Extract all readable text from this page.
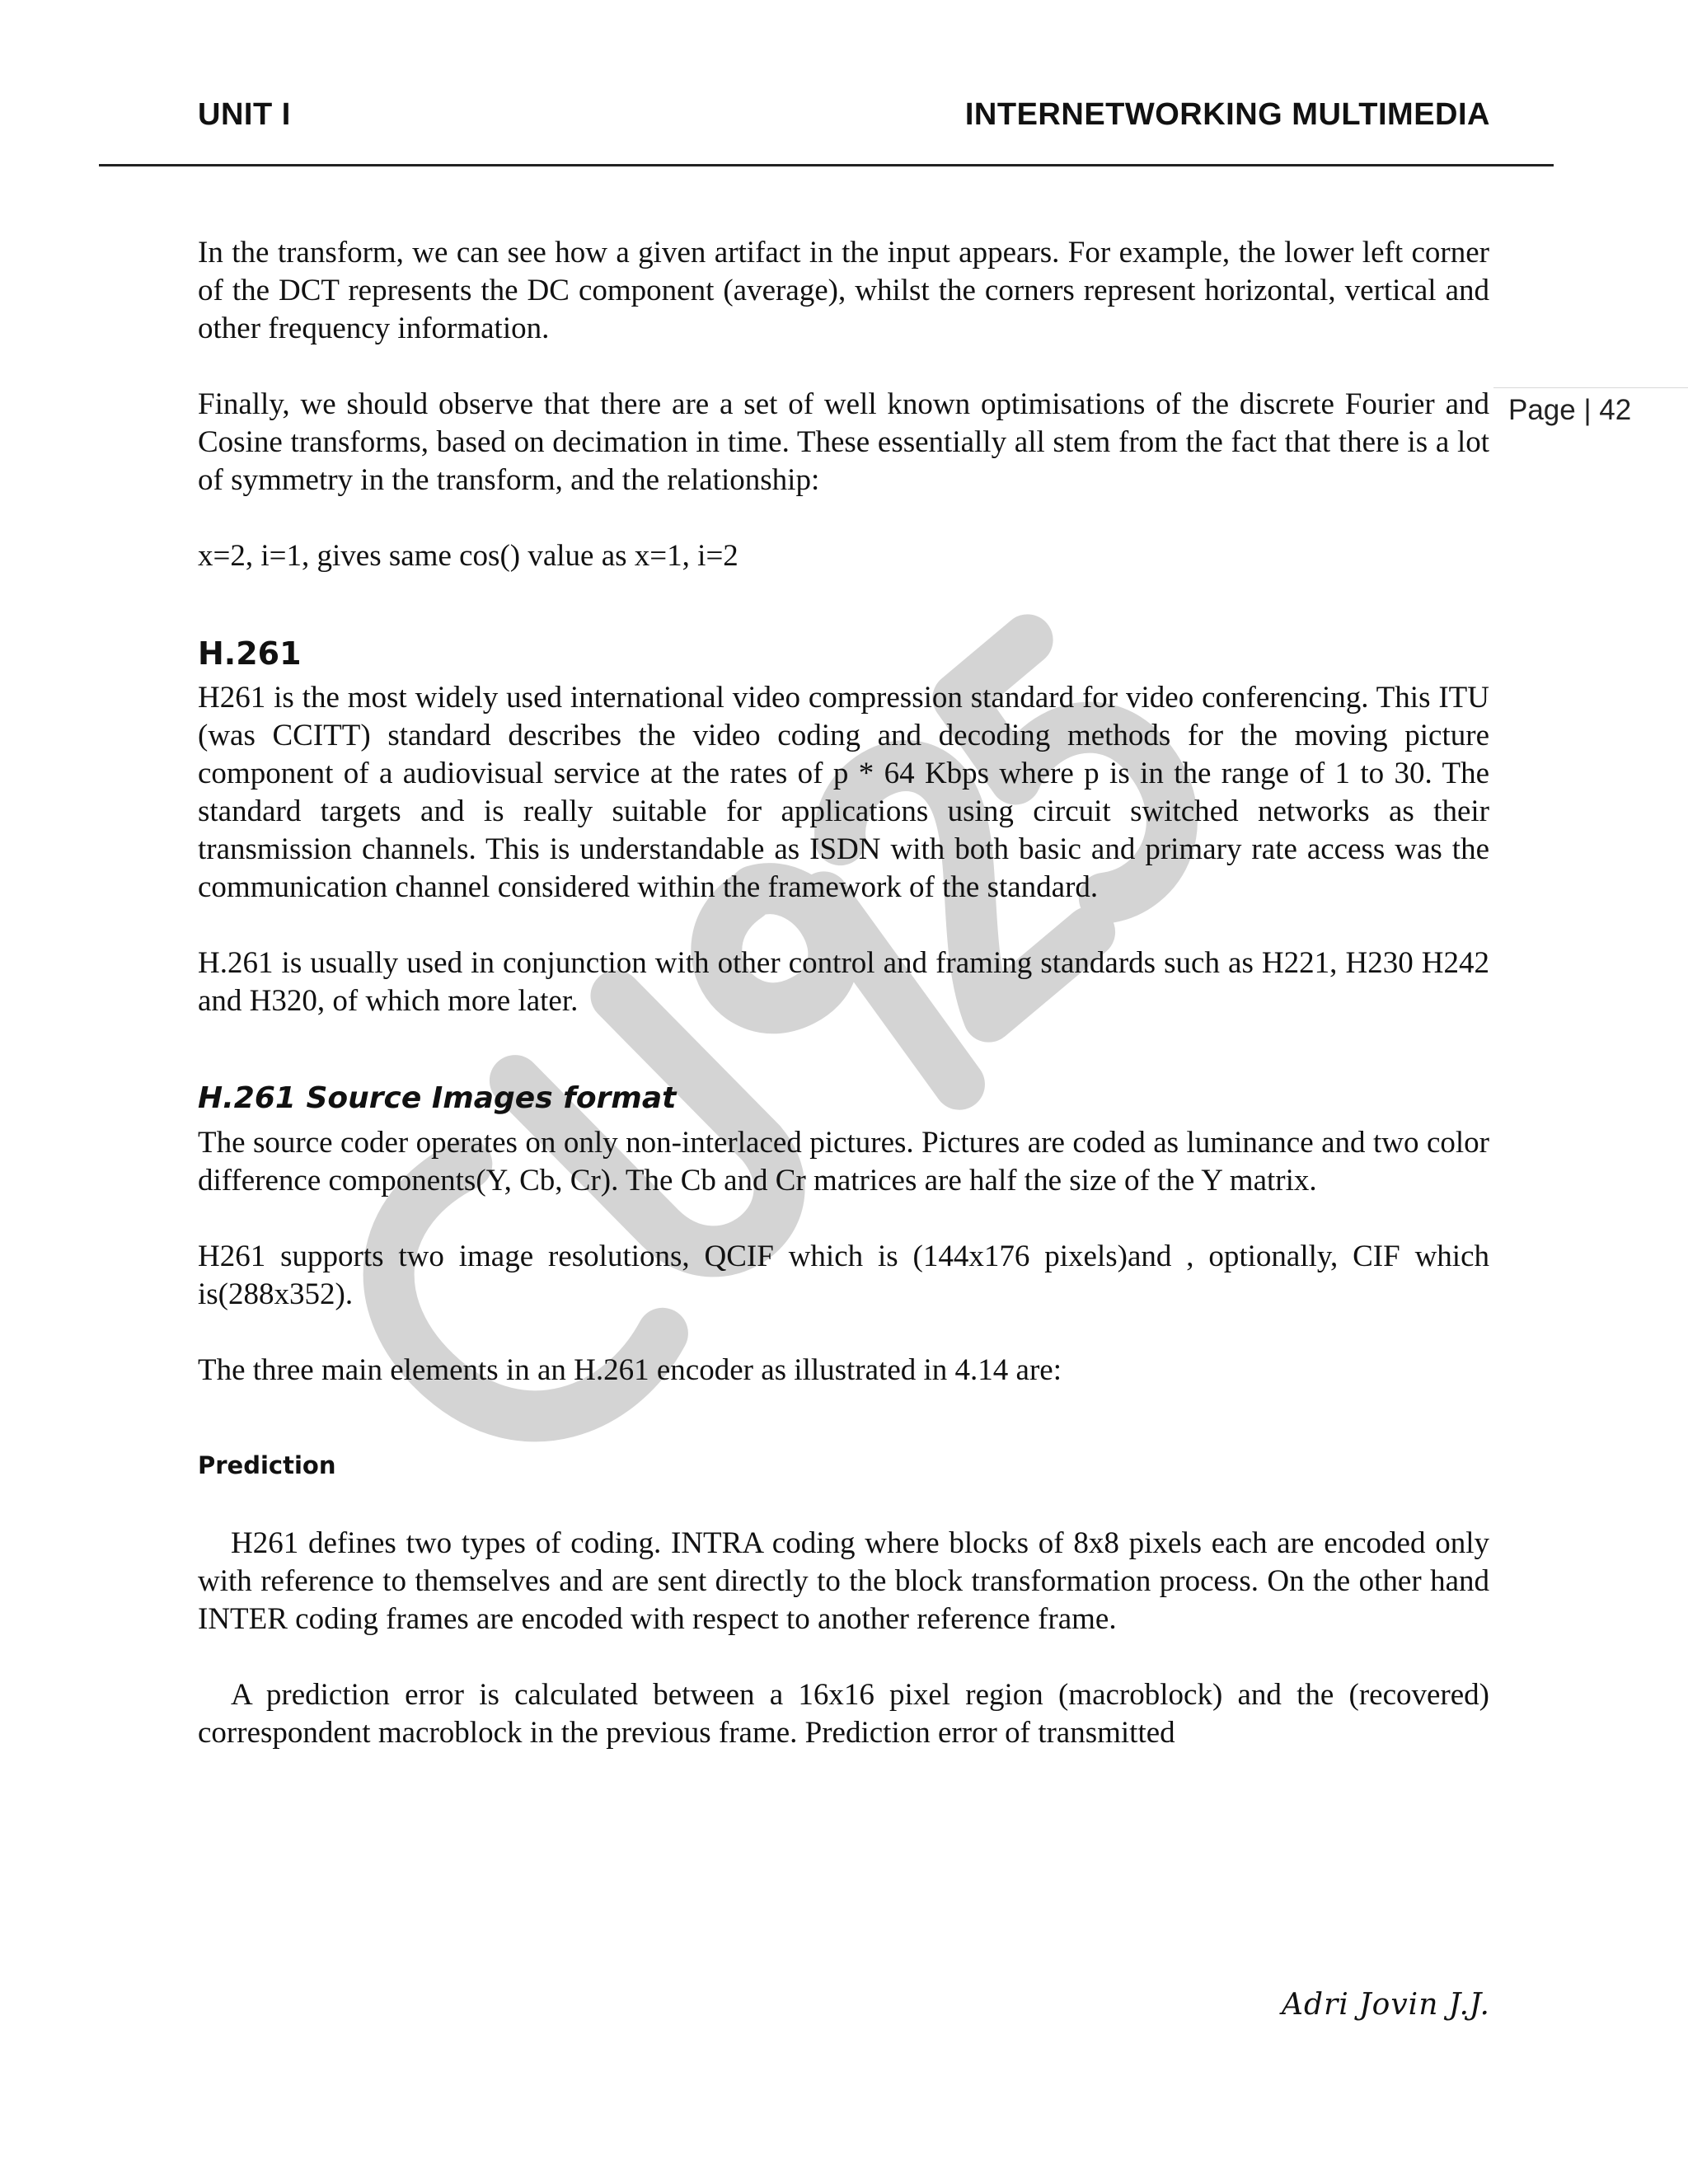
UNIT I	INTERNETWORKING MULTIMEDIA
Page | 42

In the transform, we can see how a given artifact in the input appears. For example, the lower left corner of the DCT represents the DC component (average), whilst the corners represent horizontal, vertical and other frequency information.

Finally, we should observe that there are a set of well known optimisations of the discrete Fourier and Cosine transforms, based on decimation in time. These essentially all stem from the fact that there is a lot of symmetry in the transform, and the relationship:

x=2, i=1, gives same cos() value as x=1, i=2

H.261

H261 is the most widely used international video compression standard for video conferencing. This ITU (was CCITT) standard describes the video coding and decoding methods for the moving picture component of a audiovisual service at the rates of p * 64 Kbps where p is in the range of 1 to 30. The standard targets and is really suitable for applications using circuit switched networks as their transmission channels. This is understandable as ISDN with both basic and primary rate access was the communication channel considered within the framework of the standard.

H.261 is usually used in conjunction with other control and framing standards such as H221, H230 H242 and H320, of which more later.

H.261 Source Images format

The source coder operates on only non-interlaced pictures. Pictures are coded as luminance and two color difference components(Y, Cb, Cr). The Cb and Cr matrices are half the size of the Y matrix.

H261 supports two image resolutions, QCIF which is (144x176 pixels)and , optionally, CIF which is(288x352).

The three main elements in an H.261 encoder as illustrated in 4.14 are:

Prediction

H261 defines two types of coding. INTRA coding where blocks of 8x8 pixels each are encoded only with reference to themselves and are sent directly to the block transformation process. On the other hand INTER coding frames are encoded with respect to another reference frame.

A prediction error is calculated between a 16x16 pixel region (macroblock) and the (recovered) correspondent macroblock in the previous frame. Prediction error of transmitted

Adri Jovin J.J.
